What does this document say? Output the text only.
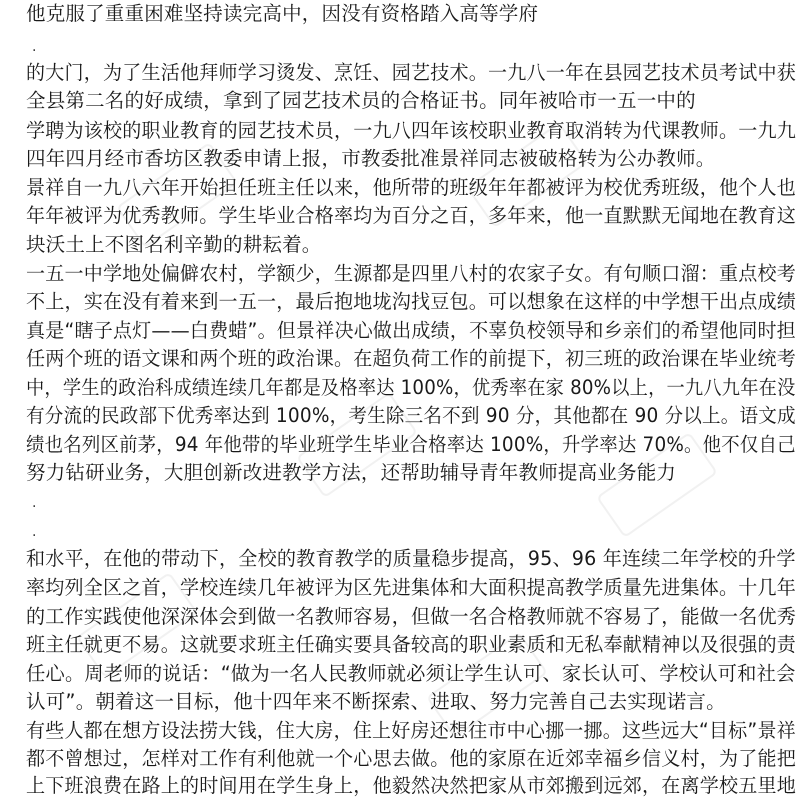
他克服了重重困难坚持读完高中，因没有资格踏入高等学府
.
的大门，为了生活他拜师学习烫发、烹饪、园艺技术。一九八一年在县园艺技术员考试中获
全县第二名的好成绩，拿到了园艺技术员的合格证书。同年被哈市一五一中的
学聘为该校的职业教育的园艺技术员，一九八四年该校职业教育取消转为代课教师。一九九
四年四月经市香坊区教委申请上报，市教委批准景祥同志被破格转为公办教师。
景祥自一九八六年开始担任班主任以来，他所带的班级年年都被评为校优秀班级，他个人也
年年被评为优秀教师。学生毕业合格率均为百分之百，多年来，他一直默默无闻地在教育这
块沃土上不图名利辛勤的耕耘着。
一五一中学地处偏僻农村，学额少，生源都是四里八村的农家子女。有句顺口溜：重点校考
不上，实在没有着来到一五一，最后抱地垅沟找豆包。可以想象在这样的中学想干出点成绩
真是“瞎子点灯——白费蜡”。但景祥决心做出成绩，不辜负校领导和乡亲们的希望他同时担
任两个班的语文课和两个班的政治课。在超负荷工作的前提下，初三班的政治课在毕业统考
中，学生的政治科成绩连续几年都是及格率达 100%，优秀率在家 80%以上，一九八九年在没
有分流的民政部下优秀率达到 100%，考生除三名不到 90 分，其他都在 90 分以上。语文成
绩也名列区前茅，94 年他带的毕业班学生毕业合格率达 100%，升学率达 70%。他不仅自己
努力钻研业务，大胆创新改进教学方法，还帮助辅导青年教师提高业务能力
.
.
和水平，在他的带动下，全校的教育教学的质量稳步提高，95、96 年连续二年学校的升学
率均列全区之首，学校连续几年被评为区先进集体和大面积提高教学质量先进集体。十几年
的工作实践使他深深体会到做一名教师容易，但做一名合格教师就不容易了，能做一名优秀
班主任就更不易。这就要求班主任确实要具备较高的职业素质和无私奉献精神以及很强的责
任心。周老师的说话：“做为一名人民教师就必须让学生认可、家长认可、学校认可和社会
认可”。朝着这一目标，他十四年来不断探索、进取、努力完善自己去实现诺言。
有些人都在想方设法捞大钱，住大房，住上好房还想往市中心挪一挪。这些远大“目标”景祥
都不曾想过，怎样对工作有利他就一个心思去做。他的家原在近郊幸福乡信义村，为了能把
上下班浪费在路上的时间用在学生身上，他毅然决然把家从市郊搬到远郊，在离学校五里地
